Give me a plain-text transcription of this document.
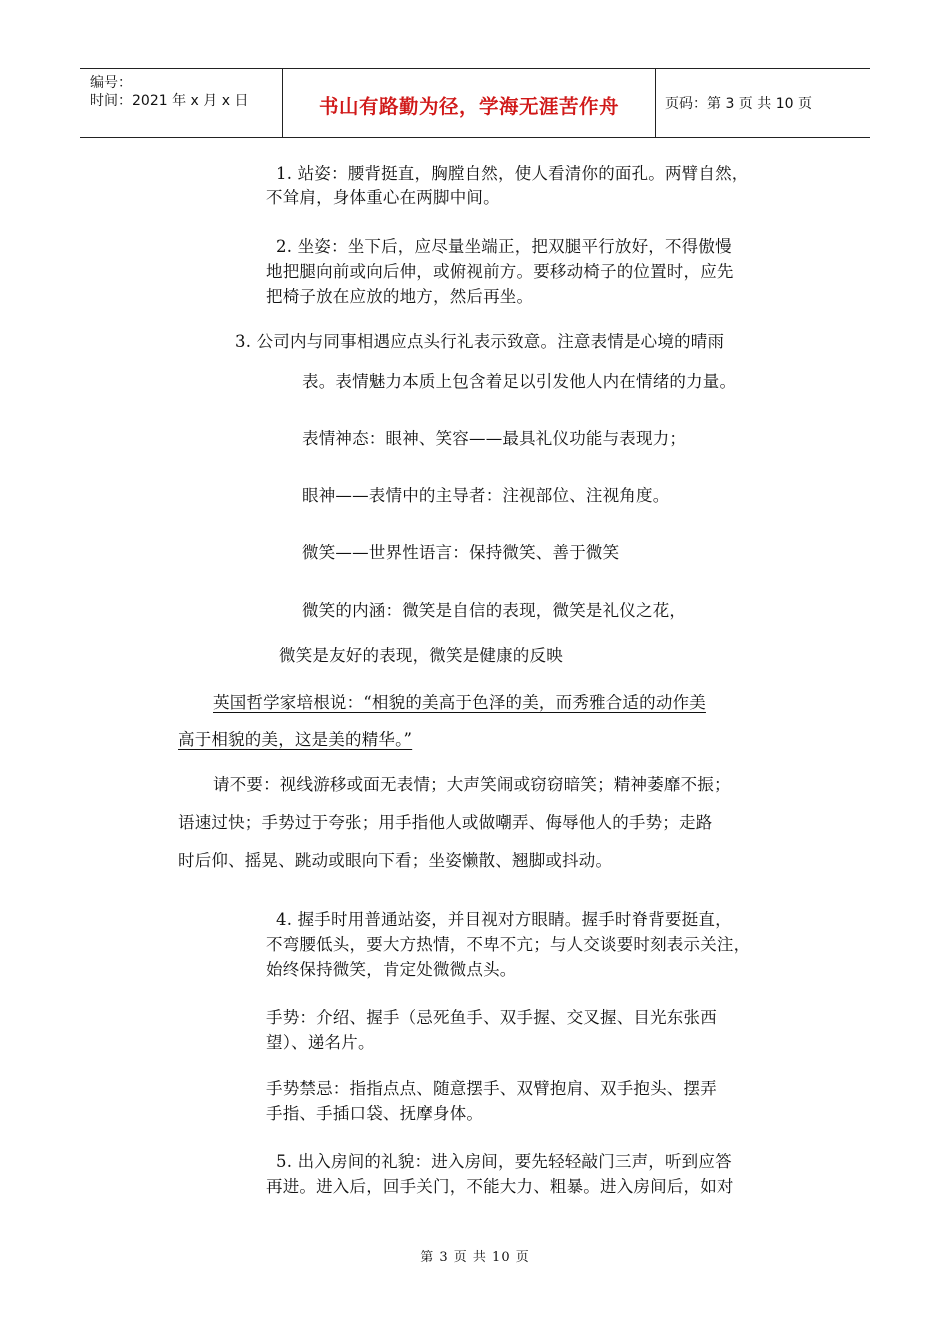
编号：
时间：2021 年 x 月 x 日	书山有路勤为径，学海无涯苦作舟	页码：第 3 页 共 10 页
1. 站姿：腰背挺直，胸膛自然，使人看清你的面孔。两臂自然，
不耸肩，身体重心在两脚中间。
2. 坐姿：坐下后，应尽量坐端正，把双腿平行放好，不得傲慢
地把腿向前或向后伸，或俯视前方。要移动椅子的位置时，应先
把椅子放在应放的地方，然后再坐。
3. 公司内与同事相遇应点头行礼表示致意。注意表情是心境的晴雨
表。表情魅力本质上包含着足以引发他人内在情绪的力量。
表情神态：眼神、笑容——最具礼仪功能与表现力；
眼神——表情中的主导者：注视部位、注视角度。
微笑——世界性语言：保持微笑、善于微笑
微笑的内涵：微笑是自信的表现，微笑是礼仪之花，
微笑是友好的表现，微笑是健康的反映
英国哲学家培根说：“相貌的美高于色泽的美，而秀雅合适的动作美
高于相貌的美，这是美的精华。”
请不要：视线游移或面无表情；大声笑闹或窃窃暗笑；精神萎靡不振；
语速过快；手势过于夸张；用手指他人或做嘲弄、侮辱他人的手势；走路
时后仰、摇晃、跳动或眼向下看；坐姿懒散、翘脚或抖动。
4. 握手时用普通站姿，并目视对方眼睛。握手时脊背要挺直，
不弯腰低头，要大方热情，不卑不亢；与人交谈要时刻表示关注，
始终保持微笑，肯定处微微点头。
手势：介绍、握手（忌死鱼手、双手握、交叉握、目光东张西
望）、递名片。
手势禁忌：指指点点、随意摆手、双臂抱肩、双手抱头、摆弄
手指、手插口袋、抚摩身体。
5. 出入房间的礼貌：进入房间，要先轻轻敲门三声，听到应答
再进。进入后，回手关门，不能大力、粗暴。进入房间后，如对
第 3 页 共 10 页
